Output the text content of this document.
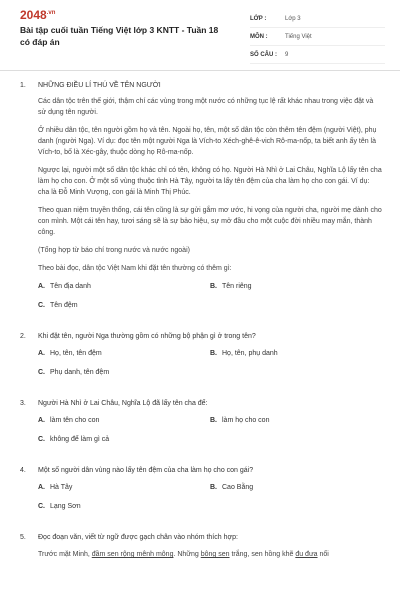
$2048^{.vn}$
Bài tập cuối tuần Tiếng Việt lớp 3 KNTT - Tuần 18 có đáp án
LỚP :	Lớp 3
MÔN :	Tiếng Việt
SỐ CÂU :	9
1.	NHỮNG ĐIỀU LÍ THÚ VỀ TÊN NGƯỜI

Các dân tộc trên thế giới, thậm chí các vùng trong một nước có những tục lệ rất khác nhau trong việc đặt và sử dụng tên người.

Ở nhiều dân tộc, tên người gồm họ và tên. Ngoài họ, tên, một số dân tộc còn thêm tên đệm (người Việt), phụ danh (người Nga). Ví dụ: đọc tên một người Nga là Vích-to Xéch-ghê-ê-vich Rô-ma-nốp, ta biết anh ấy tên là Vích-to, bố là Xéc-gây, thuộc dòng họ Rô-ma-nốp.

Ngược lại, người một số dân tộc khác chỉ có tên, không có họ. Người Hà Nhì ở Lai Châu, Nghĩa Lộ lấy tên cha làm họ cho con. Ở một số vùng thuộc tỉnh Hà Tây, người ta lấy tên đệm của cha làm họ cho con gái. Ví dụ: cha là Đỗ Minh Vượng, con gái là Minh Thị Phúc.

Theo quan niệm truyền thống, cái tên cũng là sự gửi gắm mơ ước, hi vọng của người cha, người mẹ dành cho con mình. Một cái tên hay, tươi sáng sẽ là sự bảo hiệu, sự mở đầu cho một cuộc đời nhiều may mắn, thành công.

(Tổng hợp từ báo chí trong nước và nước ngoài)

Theo bài đọc, dân tộc Việt Nam khi đặt tên thường có thêm gì:

A. Tên địa danh	B. Tên riêng
C. Tên đệm
2.	Khi đặt tên, người Nga thường gồm có những bộ phận gì ở trong tên?
A. Họ, tên, tên đệm	B. Họ, tên, phụ danh
C. Phụ danh, tên đệm
3.	Người Hà Nhì ở Lai Châu, Nghĩa Lộ đã lấy tên cha để:
A. làm tên cho con	B. làm họ cho con
C. không để làm gì cả
4.	Một số người dân vùng nào lấy tên đệm của cha làm họ cho con gái?
A. Hà Tây	B. Cao Bằng
C. Lạng Sơn
5.	Đọc đoạn văn, viết từ ngữ được gạch chân vào nhóm thích hợp:

Trước mặt Minh, đầm sen rộng mênh mông. Những bông sen trắng, sen hồng khẽ đu đưa nổi
